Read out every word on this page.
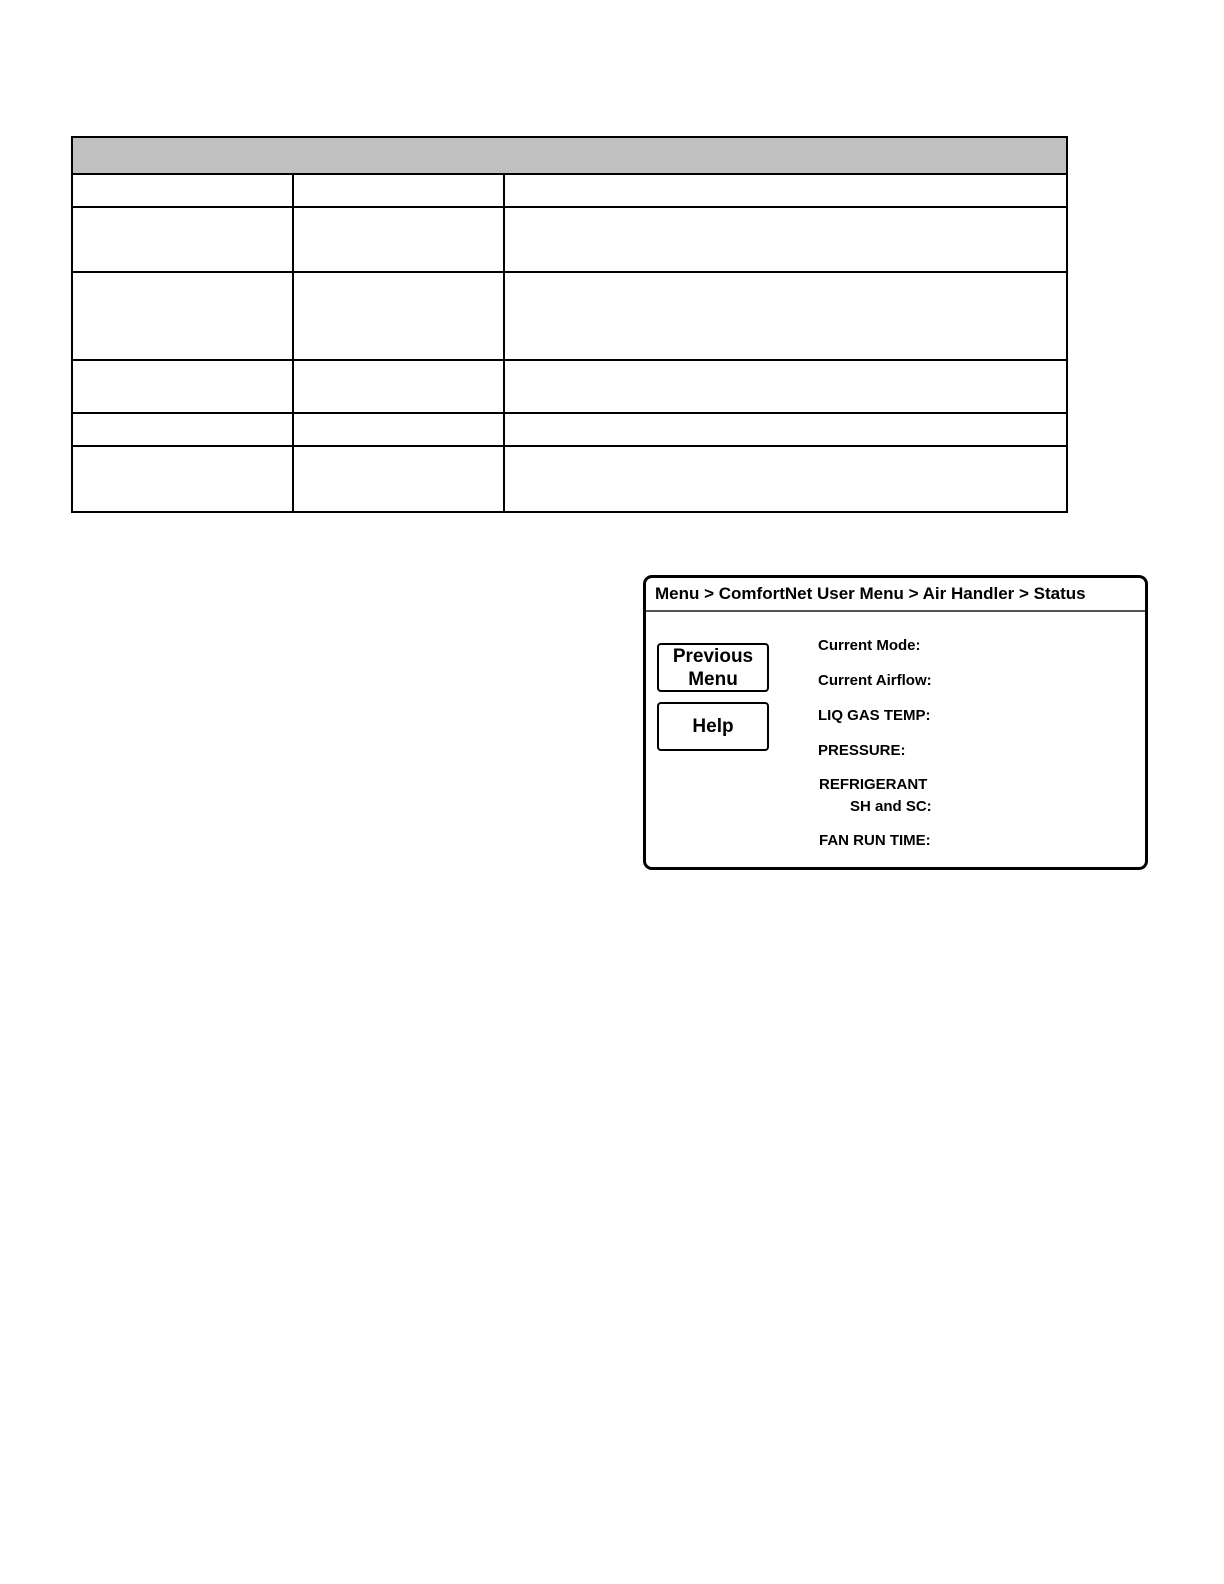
Menu > ComfortNet User Menu > Air Handler > Status
Previous
Menu
Help
Current Mode:
Current Airflow:
LIQ GAS TEMP:
PRESSURE:
REFRIGERANT
SH and SC:
FAN RUN TIME:
